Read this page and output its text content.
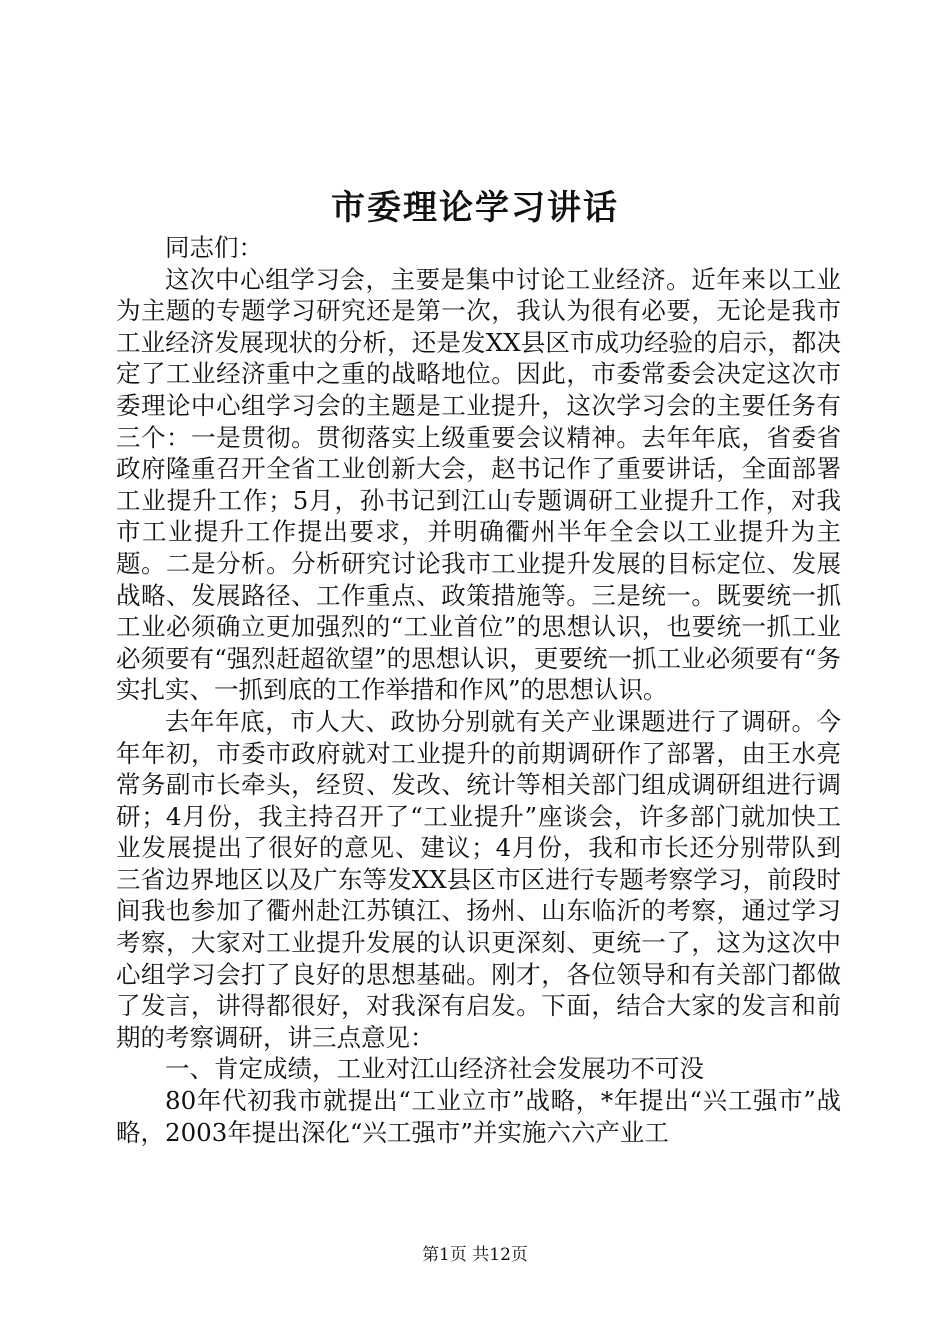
市委理论学习讲话

同志们：

这次中心组学习会，主要是集中讨论工业经济。近年来以工业为主题的专题学习研究还是第一次，我认为很有必要，无论是我市工业经济发展现状的分析，还是发XX县区市成功经验的启示，都决定了工业经济重中之重的战略地位。因此，市委常委会决定这次市委理论中心组学习会的主题是工业提升，这次学习会的主要任务有三个：一是贯彻。贯彻落实上级重要会议精神。去年年底，省委省政府隆重召开全省工业创新大会，赵书记作了重要讲话，全面部署工业提升工作；5月，孙书记到江山专题调研工业提升工作，对我市工业提升工作提出要求，并明确衢州半年全会以工业提升为主题。二是分析。分析研究讨论我市工业提升发展的目标定位、发展战略、发展路径、工作重点、政策措施等。三是统一。既要统一抓工业必须确立更加强烈的“工业首位”的思想认识，也要统一抓工业必须要有“强烈赶超欲望”的思想认识，更要统一抓工业必须要有“务实扎实、一抓到底的工作举措和作风”的思想认识。

去年年底，市人大、政协分别就有关产业课题进行了调研。今年年初，市委市政府就对工业提升的前期调研作了部署，由王水亮常务副市长牵头，经贸、发改、统计等相关部门组成调研组进行调研；4月份，我主持召开了“工业提升”座谈会，许多部门就加快工业发展提出了很好的意见、建议；4月份，我和市长还分别带队到三省边界地区以及广东等发XX县区市区进行专题考察学习，前段时间我也参加了衢州赴江苏镇江、扬州、山东临沂的考察，通过学习考察，大家对工业提升发展的认识更深刻、更统一了，这为这次中心组学习会打了良好的思想基础。刚才，各位领导和有关部门都做了发言，讲得都很好，对我深有启发。下面，结合大家的发言和前期的考察调研，讲三点意见：

一、肯定成绩，工业对江山经济社会发展功不可没

80年代初我市就提出“工业立市”战略，*年提出“兴工强市”战略，2003年提出深化“兴工强市”并实施六六产业工

第1页 共12页
